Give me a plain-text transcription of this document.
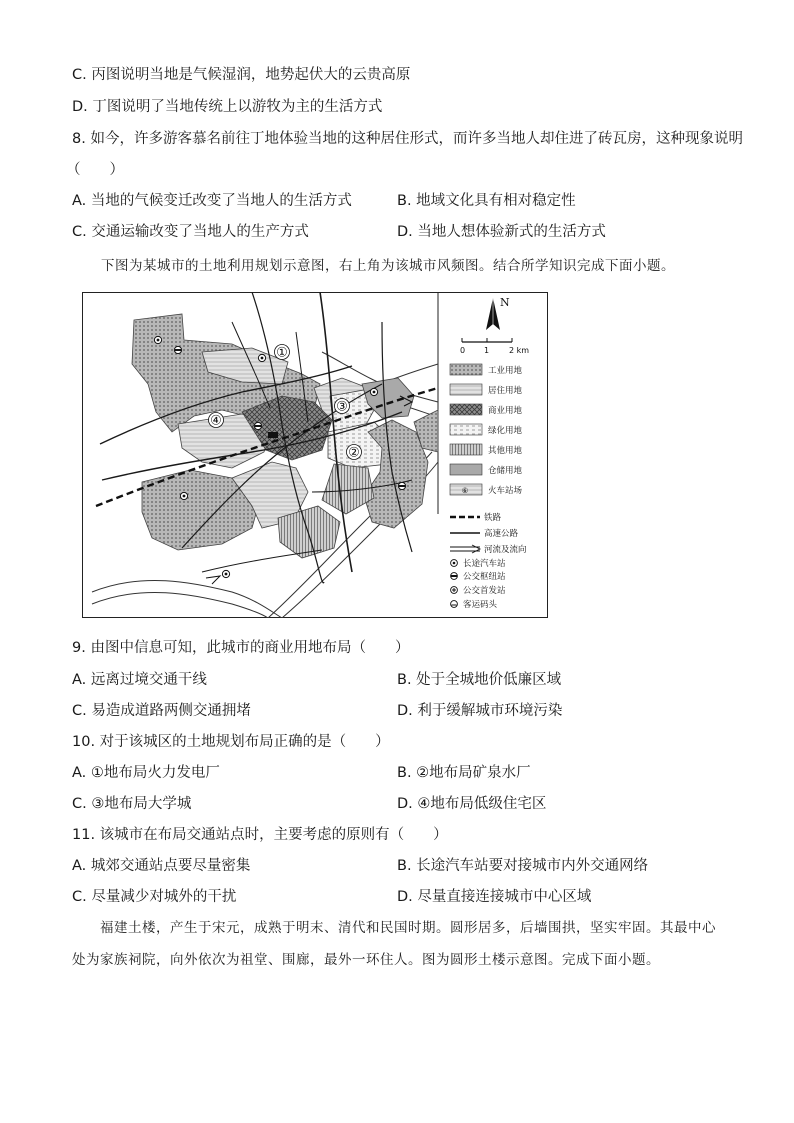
C. 丙图说明当地是气候湿润，地势起伏大的云贵高原
D. 丁图说明了当地传统上以游牧为主的生活方式
8. 如今，许多游客慕名前往丁地体验当地的这种居住形式，而许多当地人却住进了砖瓦房，这种现象说明
（　　）
A. 当地的气候变迁改变了当地人的生活方式	B. 地域文化具有相对稳定性
C. 交通运输改变了当地人的生产方式	D. 当地人想体验新式的生活方式
下图为某城市的土地利用规划示意图，右上角为该城市风频图。结合所学知识完成下面小题。
①
④
③
②
N
0 1 2 km
工业用地
居住用地
商业用地
绿化用地
其他用地
仓储用地
⑥ 火车站场
铁路
高速公路
河流及流向
长途汽车站
公交枢纽站
公交首发站
客运码头
9. 由图中信息可知，此城市的商业用地布局（　　）
A. 远离过境交通干线	B. 处于全城地价低廉区域
C. 易造成道路两侧交通拥堵	D. 利于缓解城市环境污染
10. 对于该城区的土地规划布局正确的是（　　）
A. ①地布局火力发电厂	B. ②地布局矿泉水厂
C. ③地布局大学城	D. ④地布局低级住宅区
11. 该城市在布局交通站点时，主要考虑的原则有（　　）
A. 城郊交通站点要尽量密集	B. 长途汽车站要对接城市内外交通网络
C. 尽量减少对城外的干扰	D. 尽量直接连接城市中心区域
福建土楼，产生于宋元，成熟于明末、清代和民国时期。圆形居多，后墙围拱，坚实牢固。其最中心
处为家族祠院，向外依次为祖堂、围廊，最外一环住人。图为圆形土楼示意图。完成下面小题。
